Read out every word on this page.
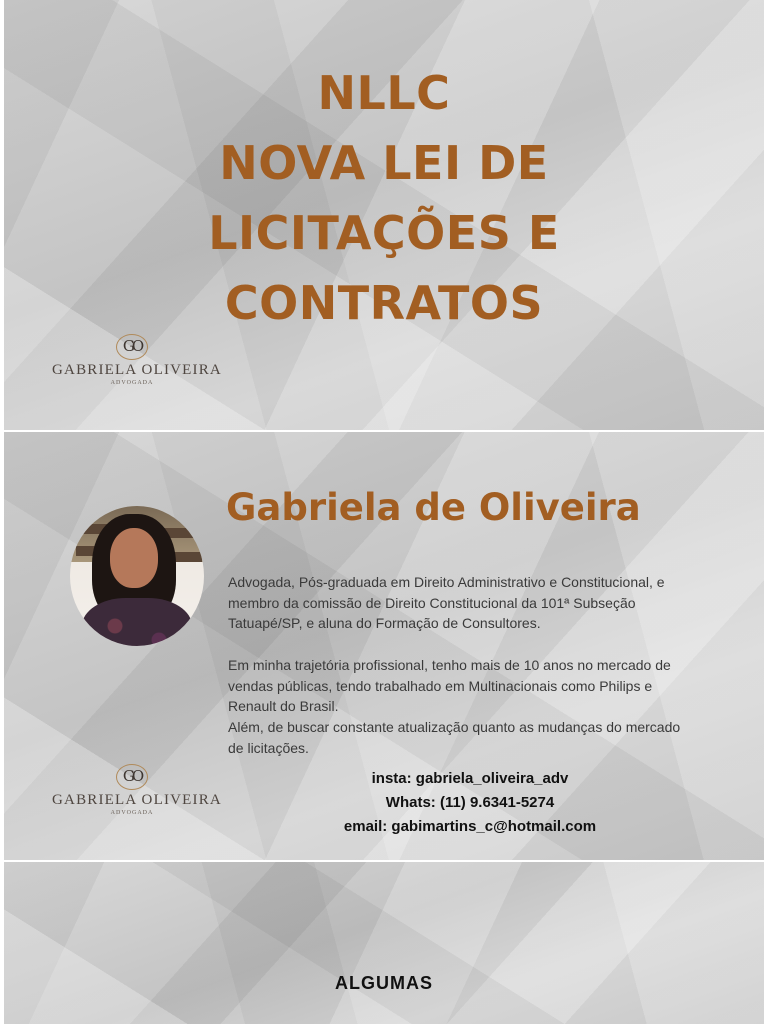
NLLC
NOVA LEI DE
LICITAÇÕES E
CONTRATOS
GO
GABRIELA OLIVEIRA
ADVOGADA
Gabriela de Oliveira

Advogada, Pós-graduada em Direito Administrativo e Constitucional, e

membro da comissão de Direito Constitucional da 101ª Subseção

Tatuapé/SP, e aluna do Formação de Consultores.

Em minha trajetória profissional, tenho mais de 10 anos no mercado de

vendas públicas, tendo trabalhado em Multinacionais como Philips e

Renault do Brasil.

Além, de buscar constante atualização quanto as mudanças do mercado

de licitações.

GO
GABRIELA OLIVEIRA
ADVOGADA
insta: gabriela_oliveira_adv
Whats: (11) 9.6341-5274
email: gabimartins_c@hotmail.com
ALGUMAS
